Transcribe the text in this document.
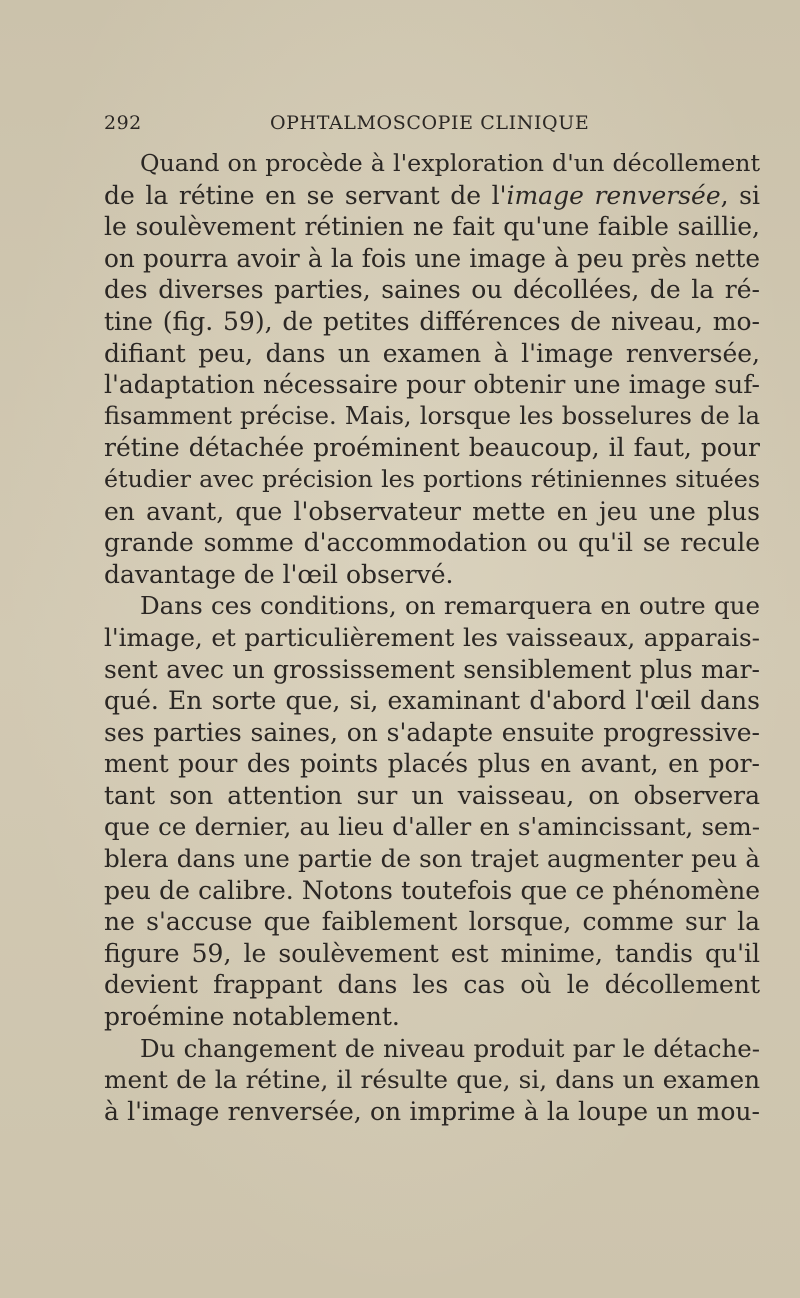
292	OPHTALMOSCOPIE CLINIQUE
Quand on procède à l'exploration d'un décollement
de la rétine en se servant de l'image renversée, si
le soulèvement rétinien ne fait qu'une faible saillie,
on pourra avoir à la fois une image à peu près nette
des diverses parties, saines ou décollées, de la ré-
tine (fig. 59), de petites différences de niveau, mo-
difiant peu, dans un examen à l'image renversée,
l'adaptation nécessaire pour obtenir une image suf-
fisamment précise. Mais, lorsque les bosselures de la
rétine détachée proéminent beaucoup, il faut, pour
étudier avec précision les portions rétiniennes situées
en avant, que l'observateur mette en jeu une plus
grande somme d'accommodation ou qu'il se recule
davantage de l'œil observé.
Dans ces conditions, on remarquera en outre que
l'image, et particulièrement les vaisseaux, apparais-
sent avec un grossissement sensiblement plus mar-
qué. En sorte que, si, examinant d'abord l'œil dans
ses parties saines, on s'adapte ensuite progressive-
ment pour des points placés plus en avant, en por-
tant son attention sur un vaisseau, on observera
que ce dernier, au lieu d'aller en s'amincissant, sem-
blera dans une partie de son trajet augmenter peu à
peu de calibre. Notons toutefois que ce phénomène
ne s'accuse que faiblement lorsque, comme sur la
figure 59, le soulèvement est minime, tandis qu'il
devient frappant dans les cas où le décollement
proémine notablement.
Du changement de niveau produit par le détache-
ment de la rétine, il résulte que, si, dans un examen
à l'image renversée, on imprime à la loupe un mou-
